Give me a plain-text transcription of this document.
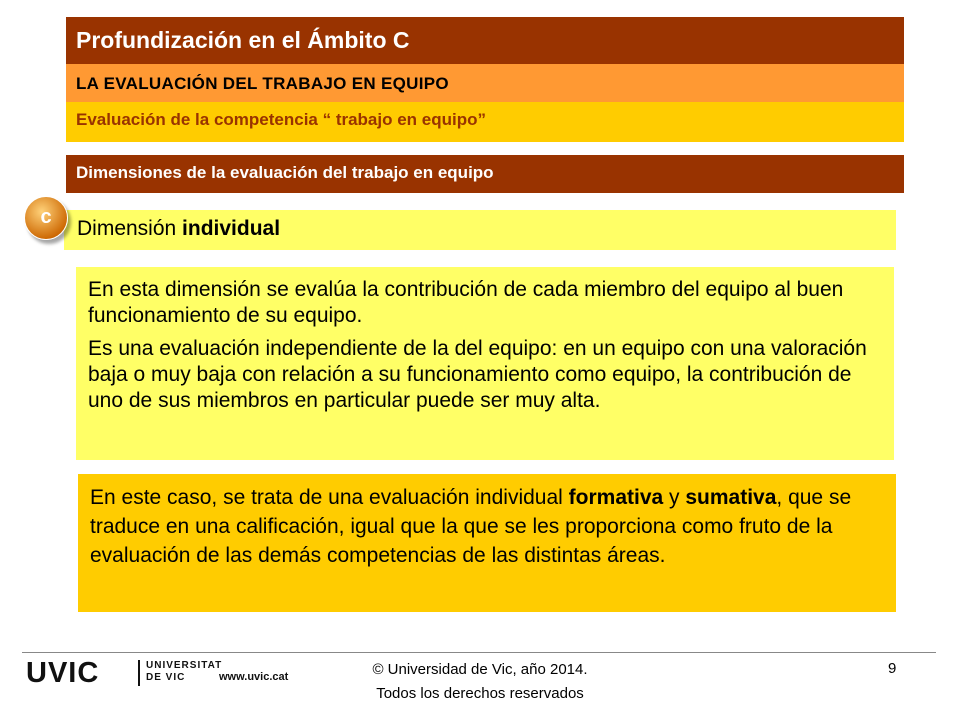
Profundización en el Ámbito C
LA EVALUACIÓN DEL TRABAJO EN EQUIPO
Evaluación de la competencia “ trabajo en equipo”
Dimensiones de la evaluación del trabajo en equipo
Dimensión individual
c

En esta dimensión se evalúa la contribución de cada miembro del equipo al buen funcionamiento de su equipo.

Es una evaluación independiente de la del equipo: en un equipo con una valoración baja o muy baja con relación a su funcionamiento como equipo, la contribución de uno de sus miembros en particular puede ser muy alta.

En este caso, se trata de una evaluación individual formativa y sumativa, que se traduce en una calificación, igual que la que se les proporciona como fruto de la evaluación de las demás competencias de las distintas áreas.
UVIC	UNIVERSITAT
DE VIC	www.uvic.cat	© Universidad de Vic, año 2014.
Todos los derechos reservados
9
